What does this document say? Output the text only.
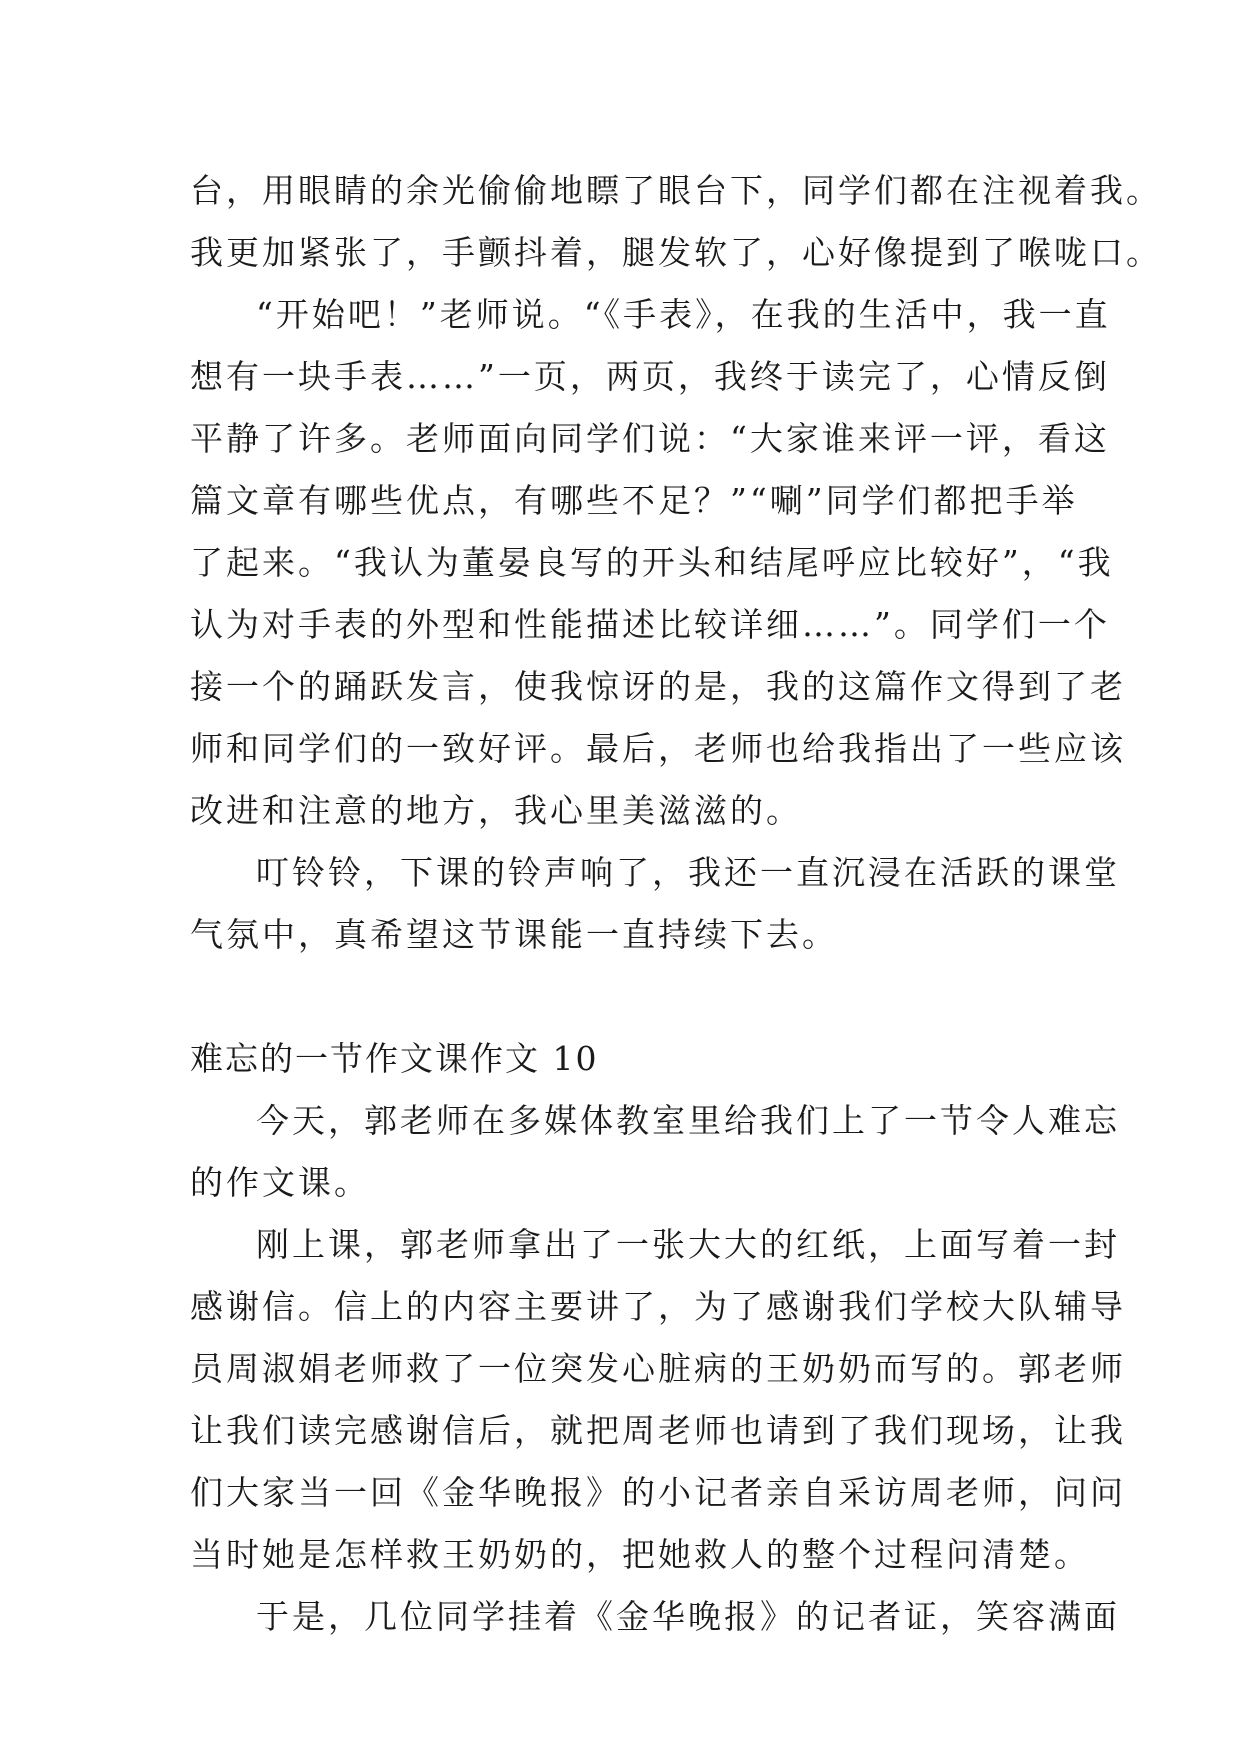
台，用眼睛的余光偷偷地瞟了眼台下，同学们都在注视着我。
我更加紧张了，手颤抖着，腿发软了，心好像提到了喉咙口。
“开始吧！”老师说。“《手表》，在我的生活中，我一直
想有一块手表……”一页，两页，我终于读完了，心情反倒
平静了许多。老师面向同学们说：“大家谁来评一评，看这
篇文章有哪些优点，有哪些不足？”“唰”同学们都把手举
了起来。“我认为董晏良写的开头和结尾呼应比较好”，“我
认为对手表的外型和性能描述比较详细……”。同学们一个
接一个的踊跃发言，使我惊讶的是，我的这篇作文得到了老
师和同学们的一致好评。最后，老师也给我指出了一些应该
改进和注意的地方，我心里美滋滋的。
叮铃铃，下课的铃声响了，我还一直沉浸在活跃的课堂
气氛中，真希望这节课能一直持续下去。
难忘的一节作文课作文 10
今天，郭老师在多媒体教室里给我们上了一节令人难忘
的作文课。
刚上课，郭老师拿出了一张大大的红纸，上面写着一封
感谢信。信上的内容主要讲了，为了感谢我们学校大队辅导
员周淑娟老师救了一位突发心脏病的王奶奶而写的。郭老师
让我们读完感谢信后，就把周老师也请到了我们现场，让我
们大家当一回《金华晚报》的小记者亲自采访周老师，问问
当时她是怎样救王奶奶的，把她救人的整个过程问清楚。
于是，几位同学挂着《金华晚报》的记者证，笑容满面
